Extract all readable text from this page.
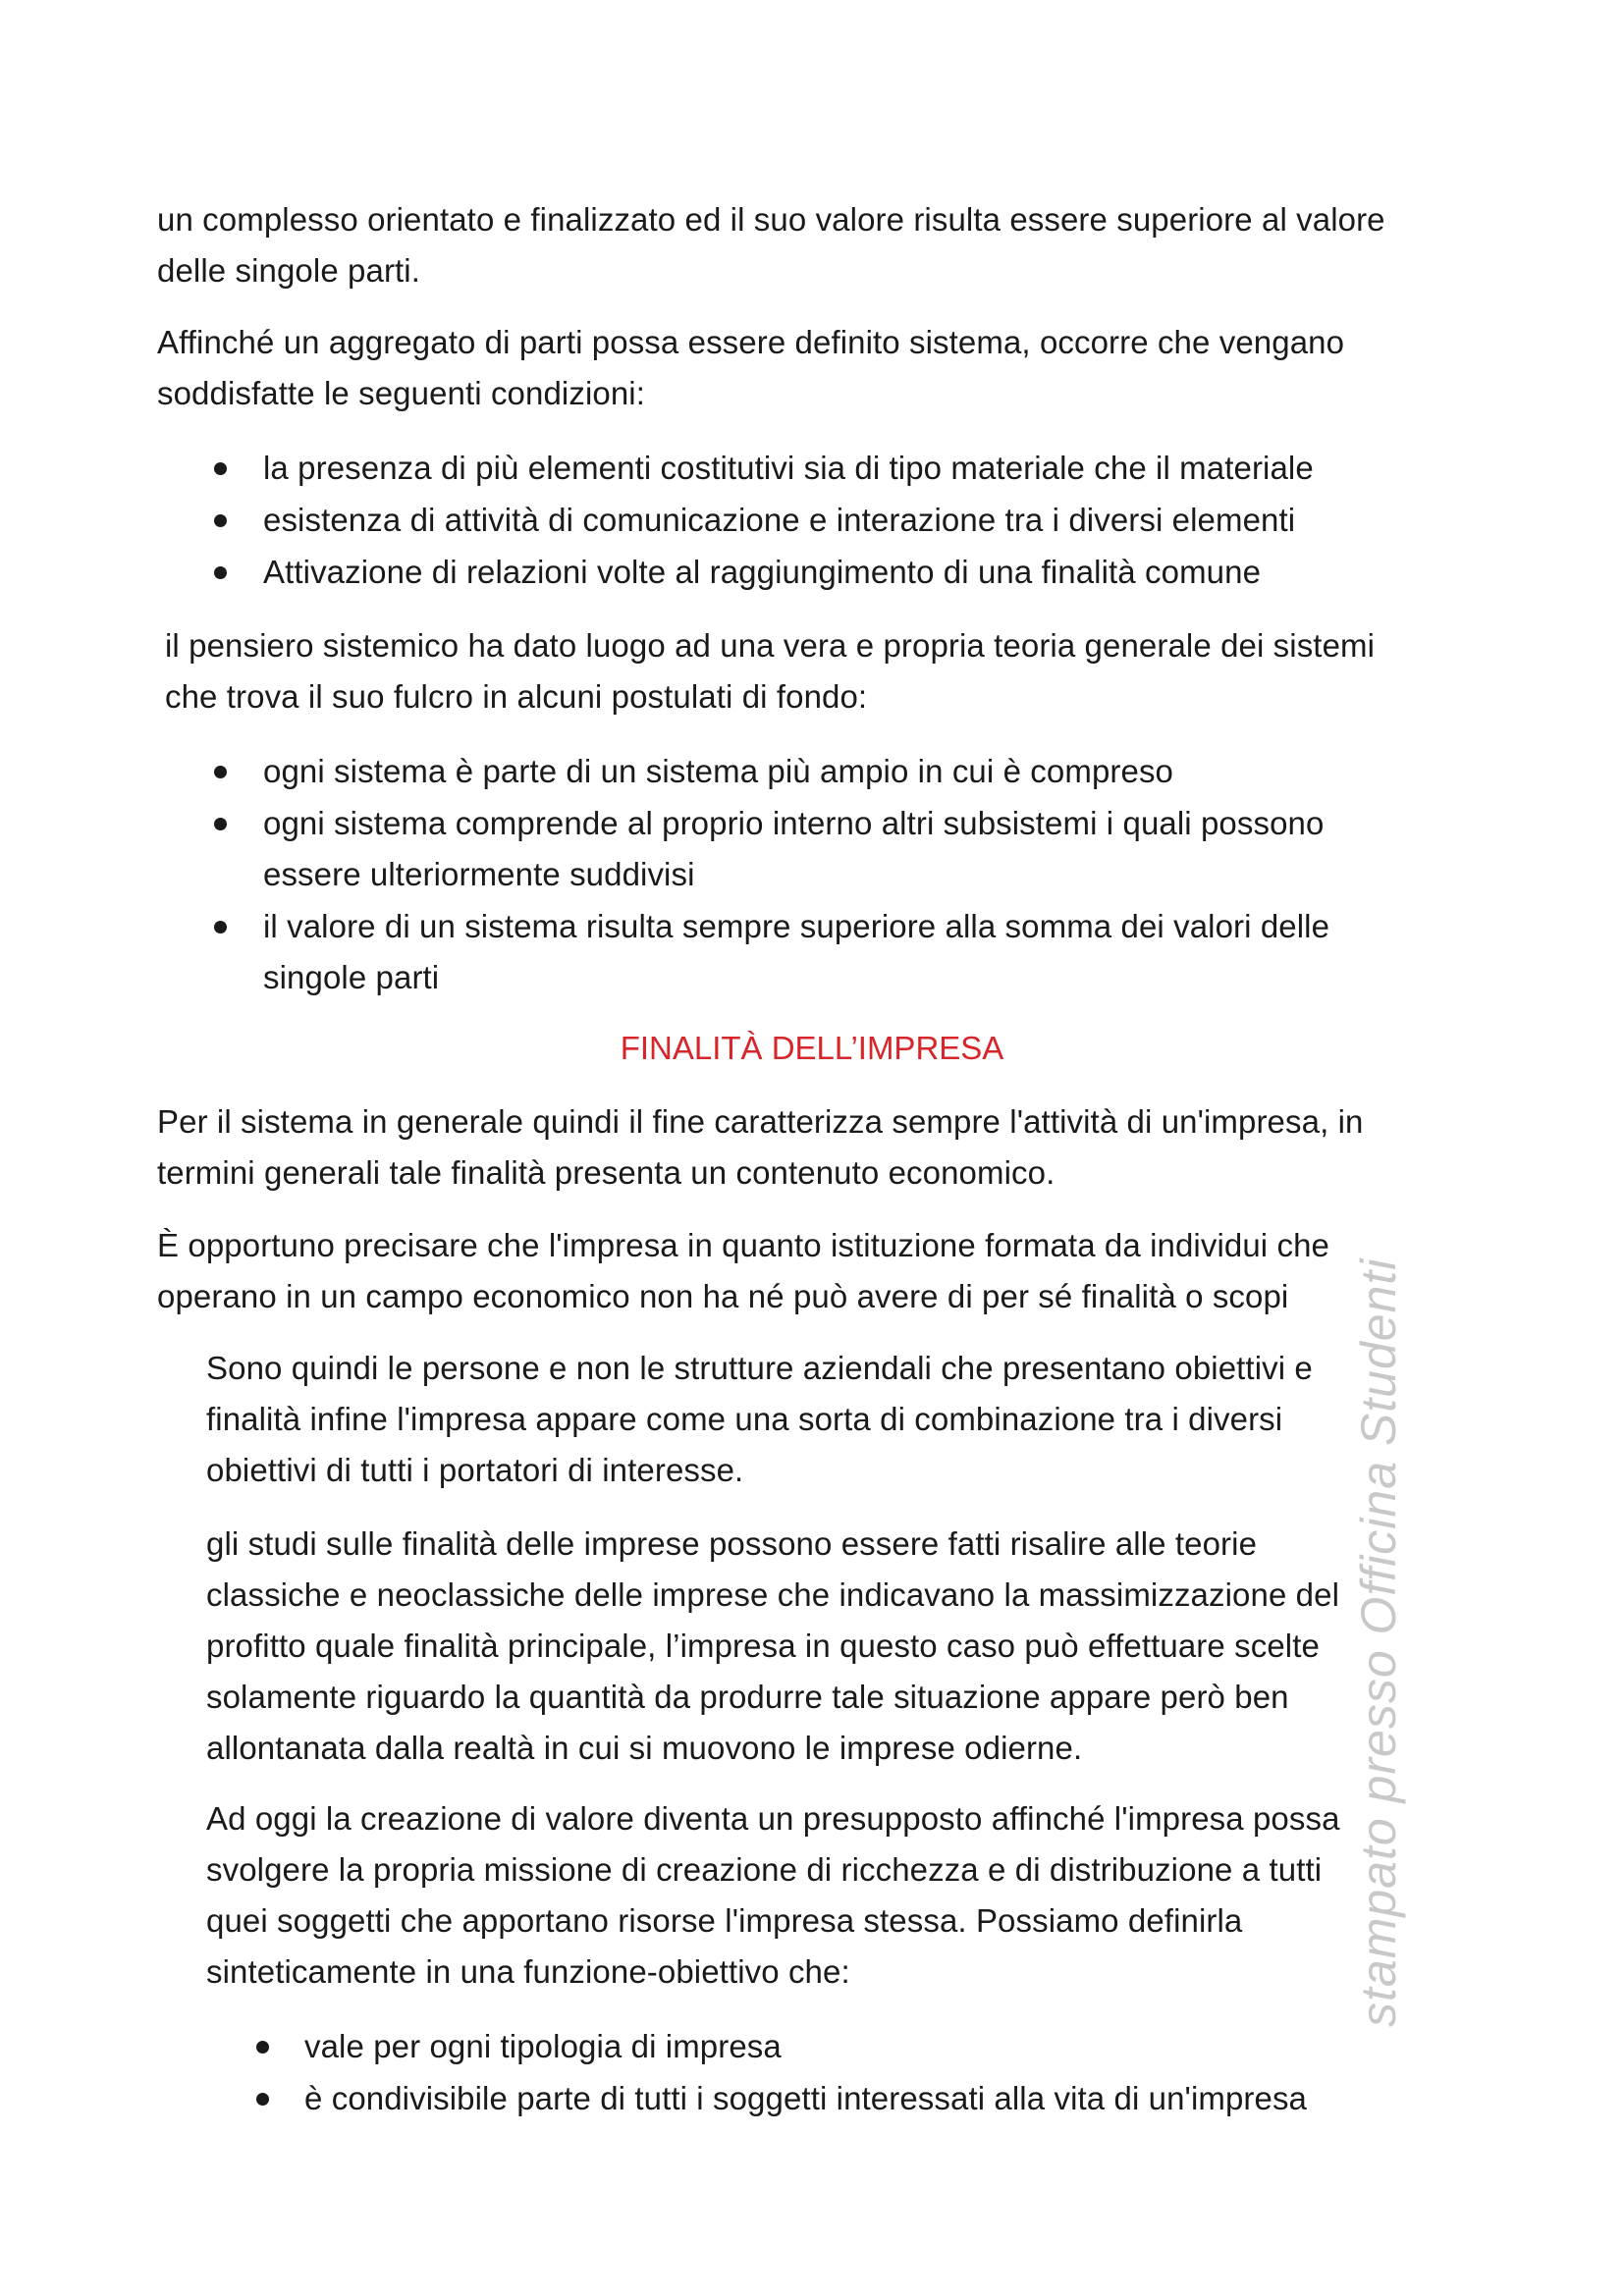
un complesso orientato e finalizzato ed il suo valore risulta essere superiore al valore
delle singole parti.
Affinché un aggregato di parti possa essere definito sistema, occorre che vengano
soddisfatte le seguenti condizioni:
la presenza di più elementi costitutivi sia di tipo materiale che il materiale
esistenza di attività di comunicazione e interazione tra i diversi elementi
Attivazione di relazioni volte al raggiungimento di una finalità comune
il pensiero sistemico ha dato luogo ad una vera e propria teoria generale dei sistemi
che trova il suo fulcro in alcuni postulati di fondo:
ogni sistema è parte di un sistema più ampio in cui è compreso
ogni sistema comprende al proprio interno altri subsistemi i quali possono
essere ulteriormente suddivisi
il valore di un sistema risulta sempre superiore alla somma dei valori delle
singole parti
FINALITÀ DELL’IMPRESA
Per il sistema in generale quindi il fine caratterizza sempre l'attività di un'impresa, in
termini generali tale finalità presenta un contenuto economico.
È opportuno precisare che l'impresa in quanto istituzione formata da individui che
operano in un campo economico non ha né può avere di per sé finalità o scopi
Sono quindi le persone e non le strutture aziendali che presentano obiettivi e
finalità infine l'impresa appare come una sorta di combinazione tra i diversi
obiettivi di tutti i portatori di interesse.
gli studi sulle finalità delle imprese possono essere fatti risalire alle teorie
classiche e neoclassiche delle imprese che indicavano la massimizzazione del
profitto quale finalità principale, l’impresa in questo caso può effettuare scelte
solamente riguardo la quantità da produrre tale situazione appare però ben
allontanata dalla realtà in cui si muovono le imprese odierne.
Ad oggi la creazione di valore diventa un presupposto affinché l'impresa possa
svolgere la propria missione di creazione di ricchezza e di distribuzione a tutti
quei soggetti che apportano risorse l'impresa stessa. Possiamo definirla
sinteticamente in una funzione-obiettivo che:
vale per ogni tipologia di impresa
è condivisibile parte di tutti i soggetti interessati alla vita di un'impresa
stampato presso Officina Studenti
